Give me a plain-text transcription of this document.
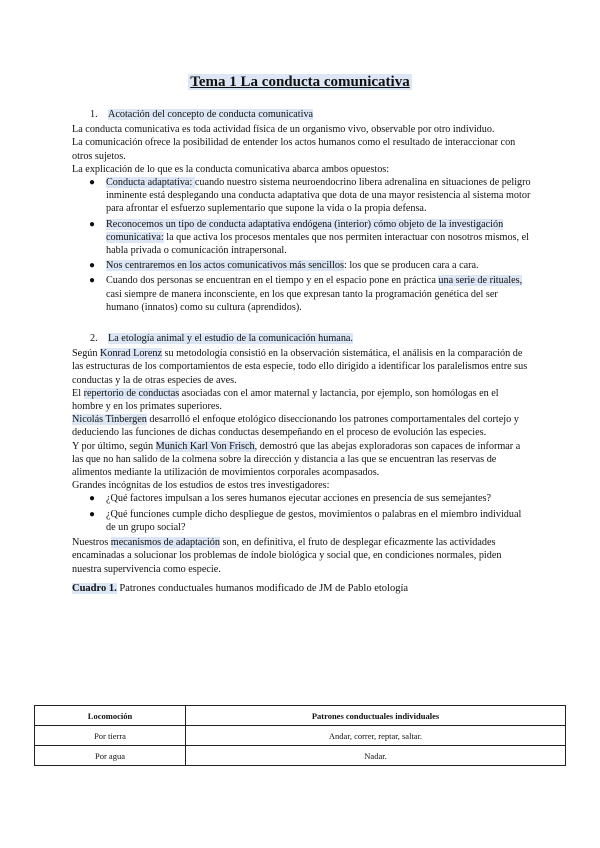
Tema 1 La conducta comunicativa
1. Acotación del concepto de conducta comunicativa

La conducta comunicativa es toda actividad física de un organismo vivo, observable por otro individuo.

La comunicación ofrece la posibilidad de entender los actos humanos como el resultado de interaccionar con otros sujetos.

La explicación de lo que es la conducta comunicativa abarca ambos opuestos:

● Conducta adaptativa: cuando nuestro sistema neuroendocrino libera adrenalina en situaciones de peligro inminente está desplegando una conducta adaptativa que dota de una mayor resistencia al sistema motor para afrontar el esfuerzo suplementario que supone la vida o la propia defensa.
● Reconocemos un tipo de conducta adaptativa endógena (interior) cómo objeto de la investigación comunicativa: la que activa los procesos mentales que nos permiten interactuar con nosotros mismos, el habla privada o comunicación intrapersonal.
● Nos centraremos en los actos comunicativos más sencillos: los que se producen cara a cara.
● Cuando dos personas se encuentran en el tiempo y en el espacio pone en práctica una serie de rituales, casi siempre de manera inconsciente, en los que expresan tanto la programación genética del ser humano (innatos) como su cultura (aprendidos).
2. La etología animal y el estudio de la comunicación humana.

Según Konrad Lorenz su metodología consistió en la observación sistemática, el análisis en la comparación de las estructuras de los comportamientos de esta especie, todo ello dirigido a identificar los paralelismos entre sus conductas y la de otras especies de aves.

El repertorio de conductas asociadas con el amor maternal y lactancia, por ejemplo, son homólogas en el hombre y en los primates superiores.

Nicolás Tinbergen desarrolló el enfoque etológico diseccionando los patrones comportamentales del cortejo y deduciendo las funciones de dichas conductas desempeñando en el proceso de evolución las especies.

Y por último, según Munich Karl Von Frisch, demostró que las abejas exploradoras son capaces de informar a las que no han salido de la colmena sobre la dirección y distancia a las que se encuentran las reservas de alimentos mediante la utilización de movimientos corporales acompasados.

Grandes incógnitas de los estudios de estos tres investigadores:

● ¿Qué factores impulsan a los seres humanos ejecutar acciones en presencia de sus semejantes?
● ¿Qué funciones cumple dicho despliegue de gestos, movimientos o palabras en el miembro individual de un grupo social?

Nuestros mecanismos de adaptación son, en definitiva, el fruto de desplegar eficazmente las actividades encaminadas a solucionar los problemas de índole biológica y social que, en condiciones normales, piden nuestra supervivencia como especie.

Cuadro 1. Patrones conductuales humanos modificado de JM de Pablo etología
Locomoción	Patrones conductuales individuales
Por tierra	Andar, correr, reptar, saltar.
Por agua	Nadar.
